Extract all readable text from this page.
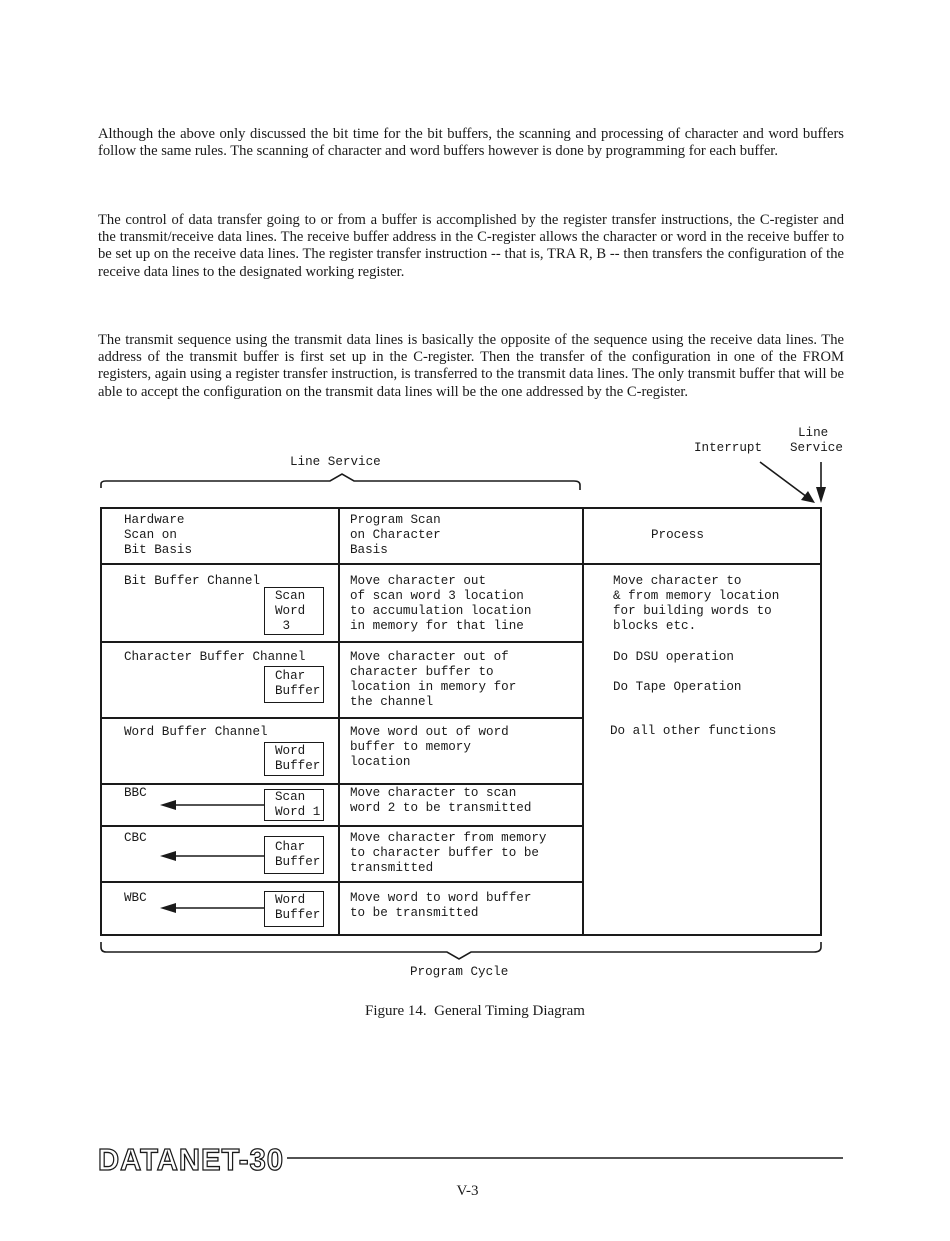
Although the above only discussed the bit time for the bit buffers, the scanning and processing of character and word buffers follow the same rules. The scanning of character and word buffers however is done by programming for each buffer.

The control of data transfer going to or from a buffer is accomplished by the register transfer instructions, the C-register and the transmit/receive data lines. The receive buffer address in the C-register allows the character or word in the receive buffer to be set up on the receive data lines. The register transfer instruction -- that is, TRA R, B -- then transfers the configuration of the receive data lines to the designated working register.

The transmit sequence using the transmit data lines is basically the opposite of the sequence using the receive data lines. The address of the transmit buffer is first set up in the C-register. Then the transfer of the configuration in one of the FROM registers, again using a register transfer instruction, is transferred to the transmit data lines. The only transmit buffer that will be able to accept the configuration on the transmit data lines will be the one addressed by the C-register.

Line Service
Interrupt
Line
Service
Hardware
Scan on
Bit Basis
Program Scan
on Character
Basis
Process
Bit Buffer Channel
Scan
Word
3
Move character out
of scan word 3 location
to accumulation location
in memory for that line
Move character to
& from memory location
for building words to
blocks etc.
Character Buffer Channel
Char
Buffer
Move character out of
character buffer to
location in memory for
the channel
Do DSU operation

Do Tape Operation
Word Buffer Channel
Word
Buffer
Move word out of word
buffer to memory
location
Do all other functions
BBC	Scan
Word 1
Move character to scan
word 2 to be transmitted
CBC
Char
Buffer
Move character from memory
to character buffer to be
transmitted
WBC	Word
Buffer
Move word to word buffer
to be transmitted
Program Cycle
Figure 14.  General Timing Diagram
DATANET-30
V-3
